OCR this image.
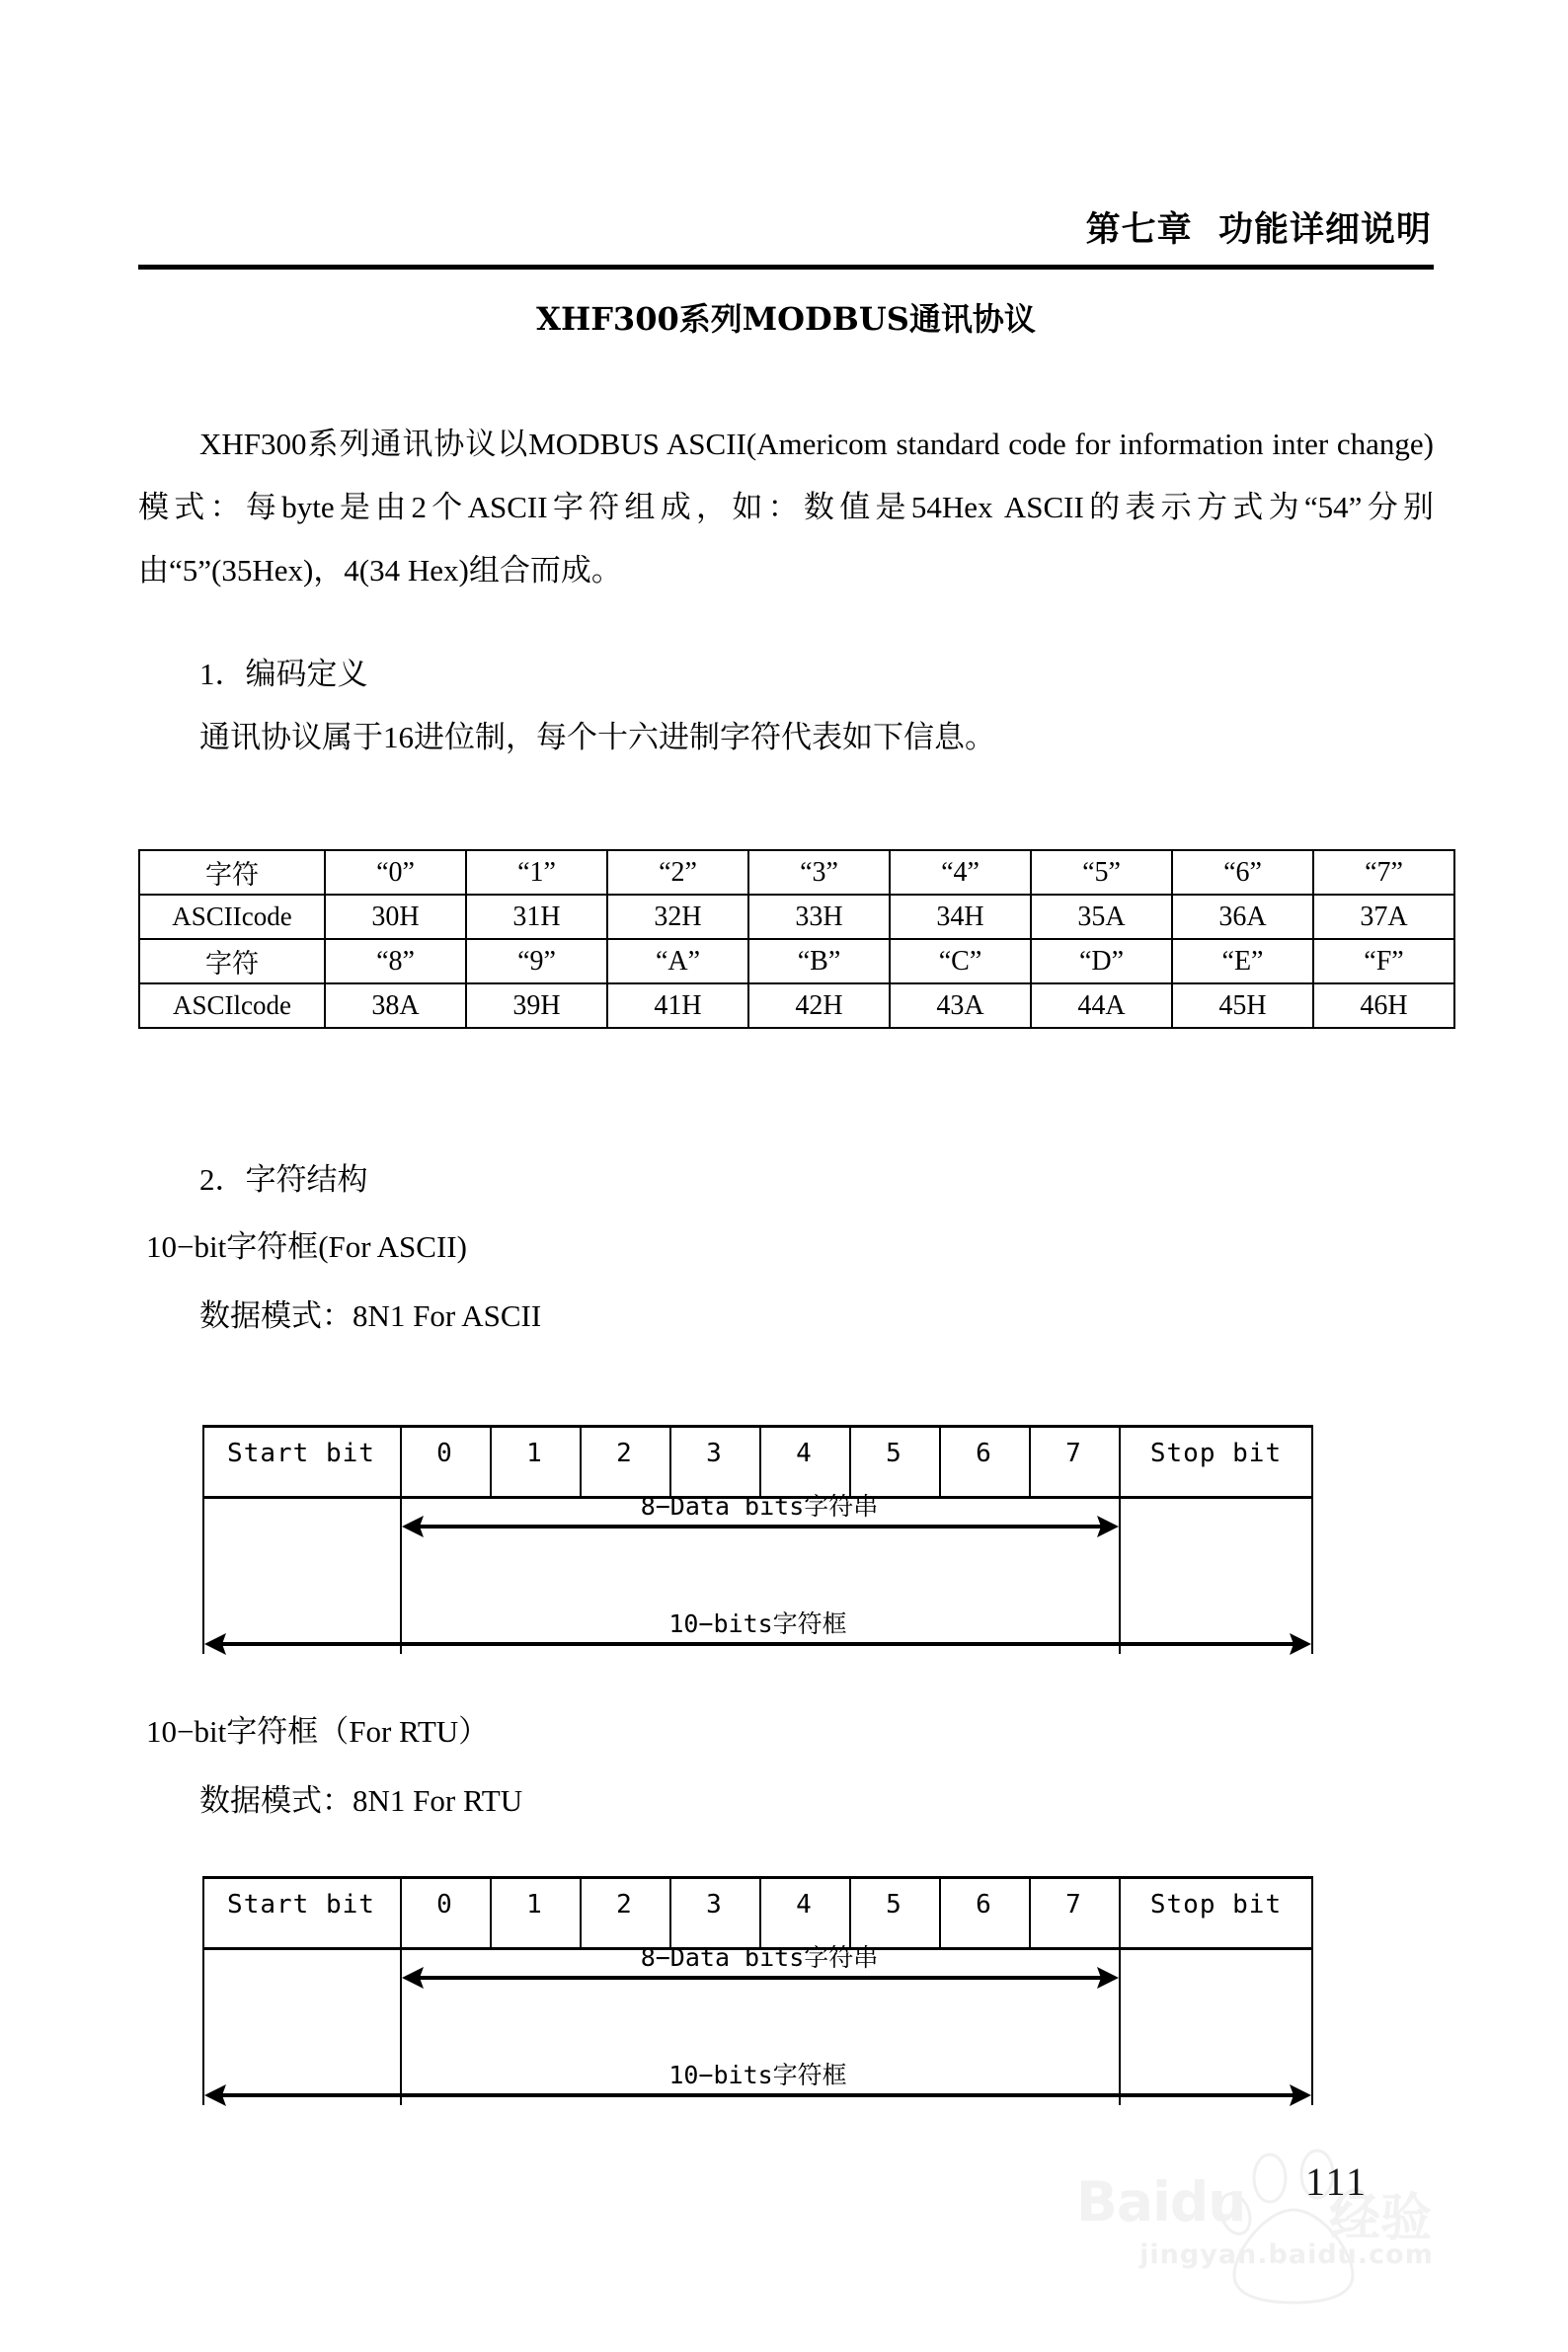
第七章  功能详细说明
XHF300系列MODBUS通讯协议
XHF300系列通讯协议以MODBUS ASCII(Americom standard code for information inter change)模式：每byte是由2个ASCII字符组成，如：数值是54Hex ASCII的表示方式为“54”分别由“5”(35Hex)，4(34 Hex)组合而成。
1．编码定义
通讯协议属于16进位制，每个十六进制字符代表如下信息。
字符	“0”	“1”	“2”	“3”	“4”	“5”	“6”	“7”
ASCIIcode	30H	31H	32H	33H	34H	35A	36A	37A
字符	“8”	“9”	“A”	“B”	“C”	“D”	“E”	“F”
ASCIlcode	38A	39H	41H	42H	43A	44A	45H	46H
2．字符结构
10−bit字符框(For ASCII)
数据模式：8N1 For ASCII
Start bit	0	1	2	3	4	5	6	7	Stop bit
8−Data bits字符串
10−bits字符框
10−bit字符框（For RTU）
数据模式：8N1 For RTU
Start bit	0	1	2	3	4	5	6	7	Stop bit
8−Data bits字符串
10−bits字符框
Baidu 经验
jingyan.baidu.com
111
